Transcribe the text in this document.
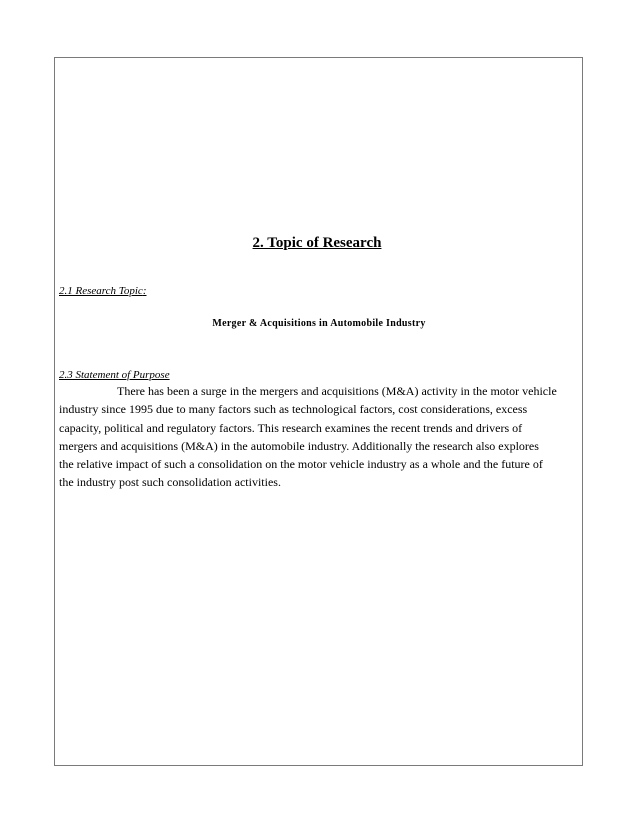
2. Topic of Research
2.1 Research Topic:
Merger & Acquisitions in Automobile Industry
2.3 Statement of Purpose
There has been a surge in the mergers and acquisitions (M&A) activity in the motor vehicle
industry since 1995 due to many factors such as technological factors, cost considerations, excess
capacity, political and regulatory factors. This research examines the recent trends and drivers of
mergers and acquisitions (M&A) in the automobile industry. Additionally the research also explores
the relative impact of such a consolidation on the motor vehicle industry as a whole and the future of
the industry post such consolidation activities.
